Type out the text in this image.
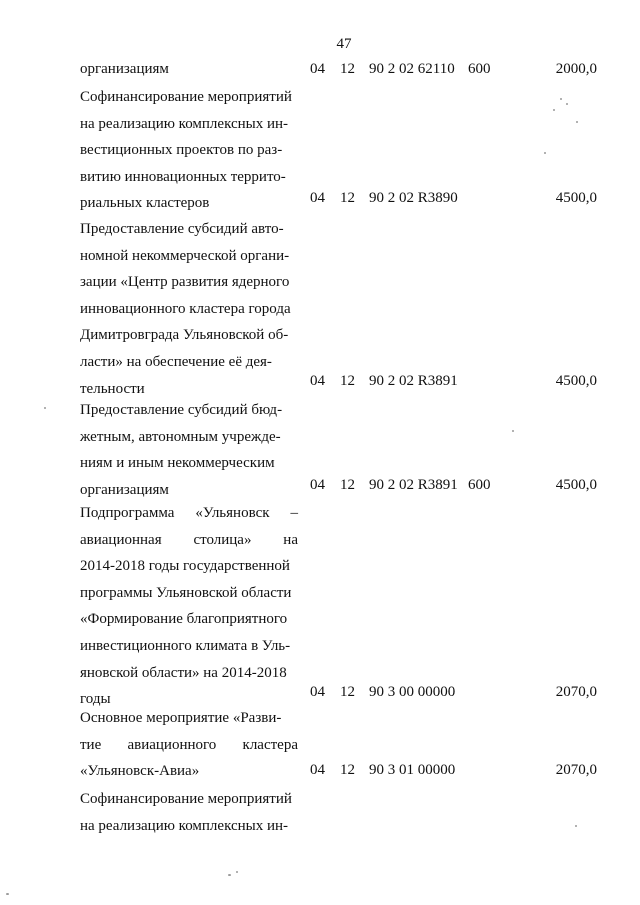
47
организациям	04 12 90 2 02 62110 600	2000,0
Софинансирование мероприятий
на реализацию комплексных ин-
вестиционных проектов по раз-
витию инновационных террито-
риальных кластеров	04 12 90 2 02 R3890	4500,0
Предоставление субсидий авто-
номной некоммерческой органи-
зации «Центр развития ядерного
инновационного кластера города
Димитровграда Ульяновской об-
ласти» на обеспечение её дея-
тельности	04 12 90 2 02 R3891	4500,0
Предоставление субсидий бюд-
жетным, автономным учрежде-
ниям и иным некоммерческим
организациям	04 12 90 2 02 R3891 600	4500,0
Подпрограмма «Ульяновск –
авиационная столица» на
2014-2018 годы государственной
программы Ульяновской области
«Формирование благоприятного
инвестиционного климата в Уль-
яновской области» на 2014-2018
годы	04 12 90 3 00 00000	2070,0
Основное мероприятие «Разви-
тие авиационного кластера
«Ульяновск-Авиа»	04 12 90 3 01 00000	2070,0
Софинансирование мероприятий
на реализацию комплексных ин-
